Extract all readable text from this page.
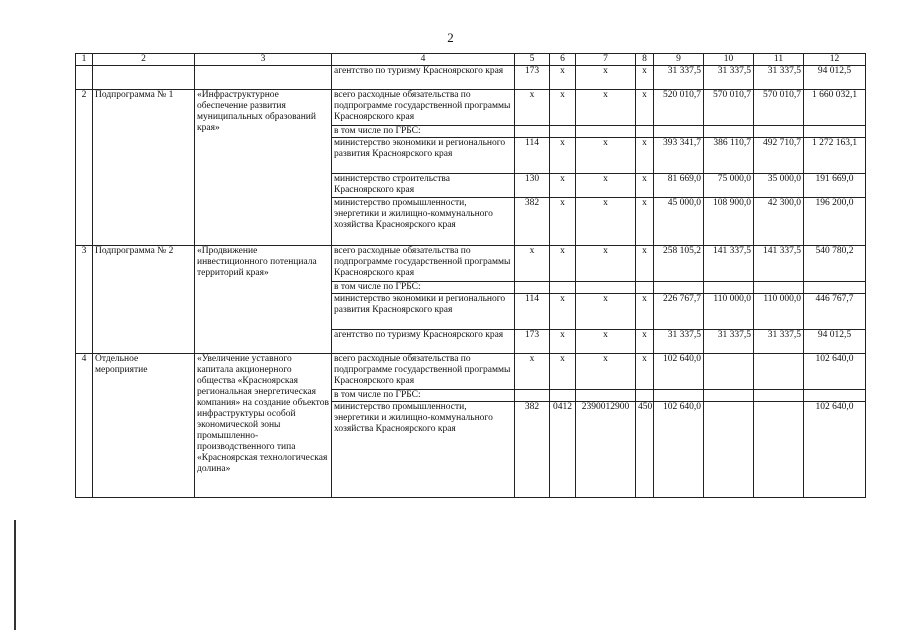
2
1	2	3	4	5	6	7	8	9	10	11	12
			агентство по туризму Красноярского края	173	x	x	x	31 337,5	31 337,5	31 337,5	94 012,5
2	Подпрограмма № 1	«Инфраструктурное обеспечение развития муниципальных образований края»	всего расходные обязательства по подпрограмме государственной программы Красноярского края	x	x	x	x	520 010,7	570 010,7	570 010,7	1 660 032,1
			в том числе по ГРБС:								
			министерство экономики и регионального развития Красноярского края	114	x	x	x	393 341,7	386 110,7	492 710,7	1 272 163,1
			министерство строительства Красноярского края	130	x	x	x	81 669,0	75 000,0	35 000,0	191 669,0
			министерство промышленности, энергетики и жилищно-коммунального хозяйства Красноярского края	382	x	x	x	45 000,0	108 900,0	42 300,0	196 200,0
3	Подпрограмма № 2	«Продвижение инвестиционного потенциала территорий края»	всего расходные обязательства по подпрограмме государственной программы Красноярского края	x	x	x	x	258 105,2	141 337,5	141 337,5	540 780,2
			в том числе по ГРБС:								
			министерство экономики и регионального развития Красноярского края	114	x	x	x	226 767,7	110 000,0	110 000,0	446 767,7
			агентство по туризму Красноярского края	173	x	x	x	31 337,5	31 337,5	31 337,5	94 012,5
4	Отдельное мероприятие	«Увеличение уставного капитала акционерного общества «Красноярская региональная энергетическая компания» на создание объектов инфраструктуры особой экономической зоны промышленно-производственного типа «Красноярская технологическая долина»	всего расходные обязательства по подпрограмме государственной программы Красноярского края	x	x	x	x	102 640,0			102 640,0
			в том числе по ГРБС:								
			министерство промышленности, энергетики и жилищно-коммунального хозяйства Красноярского края	382	0412	2390012900	450	102 640,0			102 640,0
